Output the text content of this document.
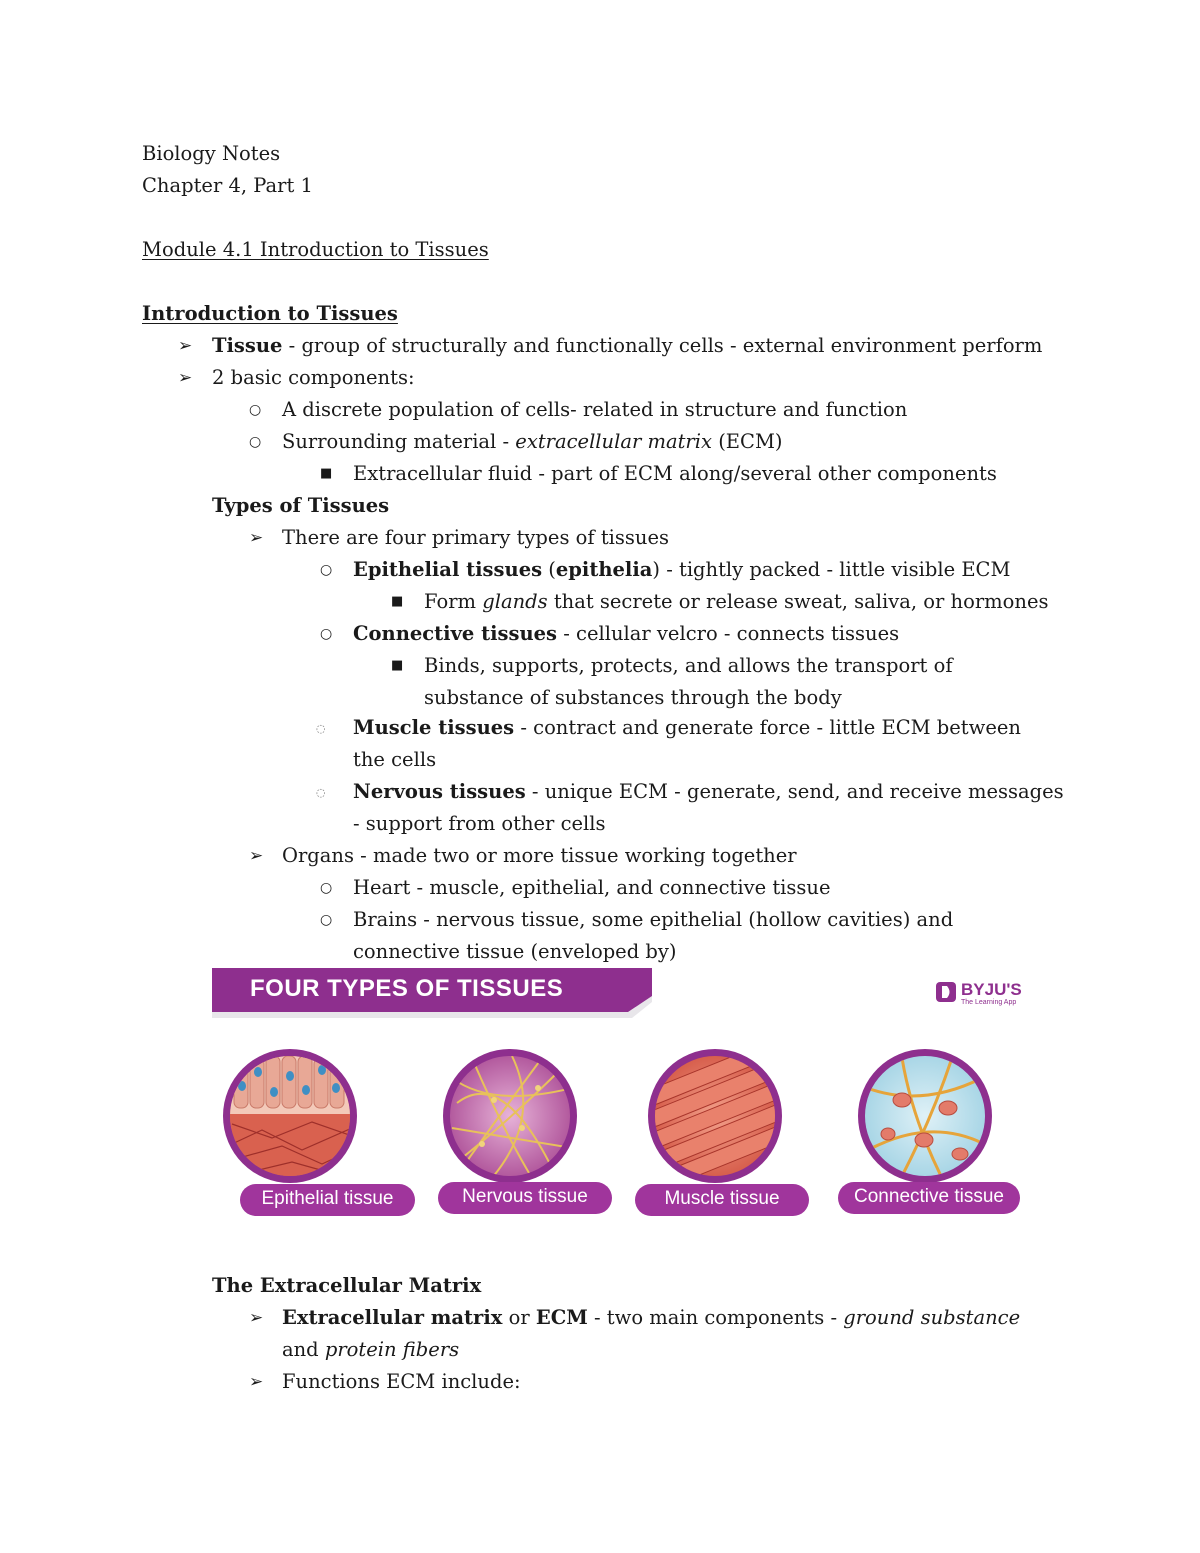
Biology Notes
Chapter 4, Part 1
Module 4.1 Introduction to Tissues
Introduction to Tissues
➢ Tissue - group of structurally and functionally cells - external environment perform
➢ 2 basic components:
○ A discrete population of cells- related in structure and function
○ Surrounding material - extracellular matrix (ECM)
■ Extracellular fluid - part of ECM along/several other components
Types of Tissues
➢ There are four primary types of tissues
○ Epithelial tissues (epithelia) - tightly packed - little visible ECM
■ Form glands that secrete or release sweat, saliva, or hormones
○ Connective tissues - cellular velcro - connects tissues
■ Binds, supports, protects, and allows the transport of
substance of substances through the body
◌ Muscle tissues - contract and generate force - little ECM between
the cells
◌ Nervous tissues - unique ECM - generate, send, and receive messages
- support from other cells
➢ Organs - made two or more tissue working together
○ Heart - muscle, epithelial, and connective tissue
○ Brains - nervous tissue, some epithelial (hollow cavities) and
connective tissue (enveloped by)
FOUR TYPES OF TISSUES	BYJU'S
The Learning App
Epithelial tissue	Nervous tissue	Muscle tissue	Connective tissue
The Extracellular Matrix
➢ Extracellular matrix or ECM - two main components - ground substance
and protein fibers
➢ Functions ECM include:
